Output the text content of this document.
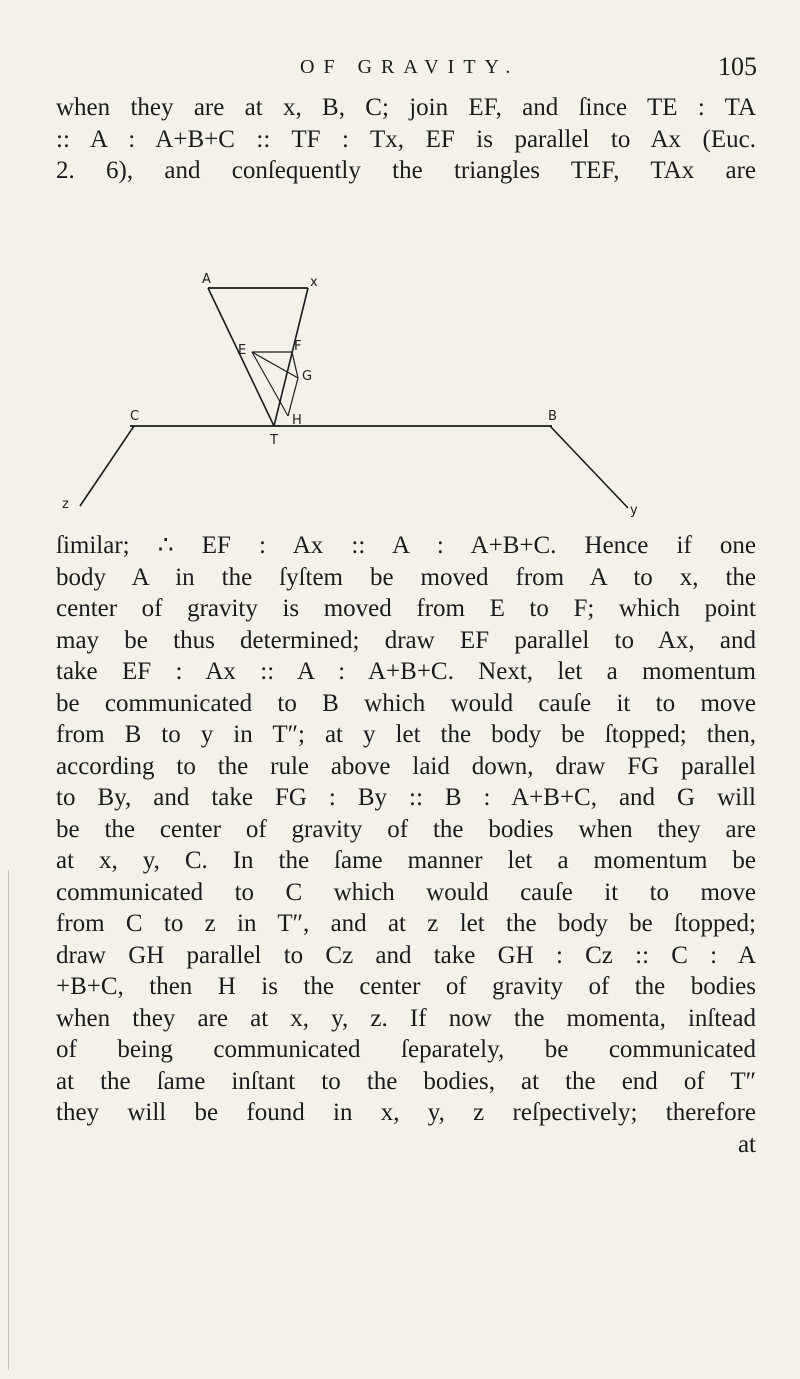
OF GRAVITY.	105
when they are at x, B, C; join EF, and ſince TE : TA
:: A : A+B+C :: TF : Tx, EF is parallel to Ax (Euc.
2. 6), and conſequently the triangles TEF, TAx are
A	x
E	F
G
H
T
C	B
z	y
ſimilar; ∴ EF : Ax :: A : A+B+C. Hence if one
body A in the ſyſtem be moved from A to x, the
center of gravity is moved from E to F; which point
may be thus determined; draw EF parallel to Ax, and
take EF : Ax :: A : A+B+C. Next, let a momentum
be communicated to B which would cauſe it to move
from B to y in T″; at y let the body be ſtopped; then,
according to the rule above laid down, draw FG parallel
to By, and take FG : By :: B : A+B+C, and G will
be the center of gravity of the bodies when they are
at x, y, C. In the ſame manner let a momentum be
communicated to C which would cauſe it to move
from C to z in T″, and at z let the body be ſtopped;
draw GH parallel to Cz and take GH : Cz :: C : A
+B+C, then H is the center of gravity of the bodies
when they are at x, y, z. If now the momenta, inſtead
of being communicated ſeparately, be communicated
at the ſame inſtant to the bodies, at the end of T″
they will be found in x, y, z reſpectively; therefore
at
